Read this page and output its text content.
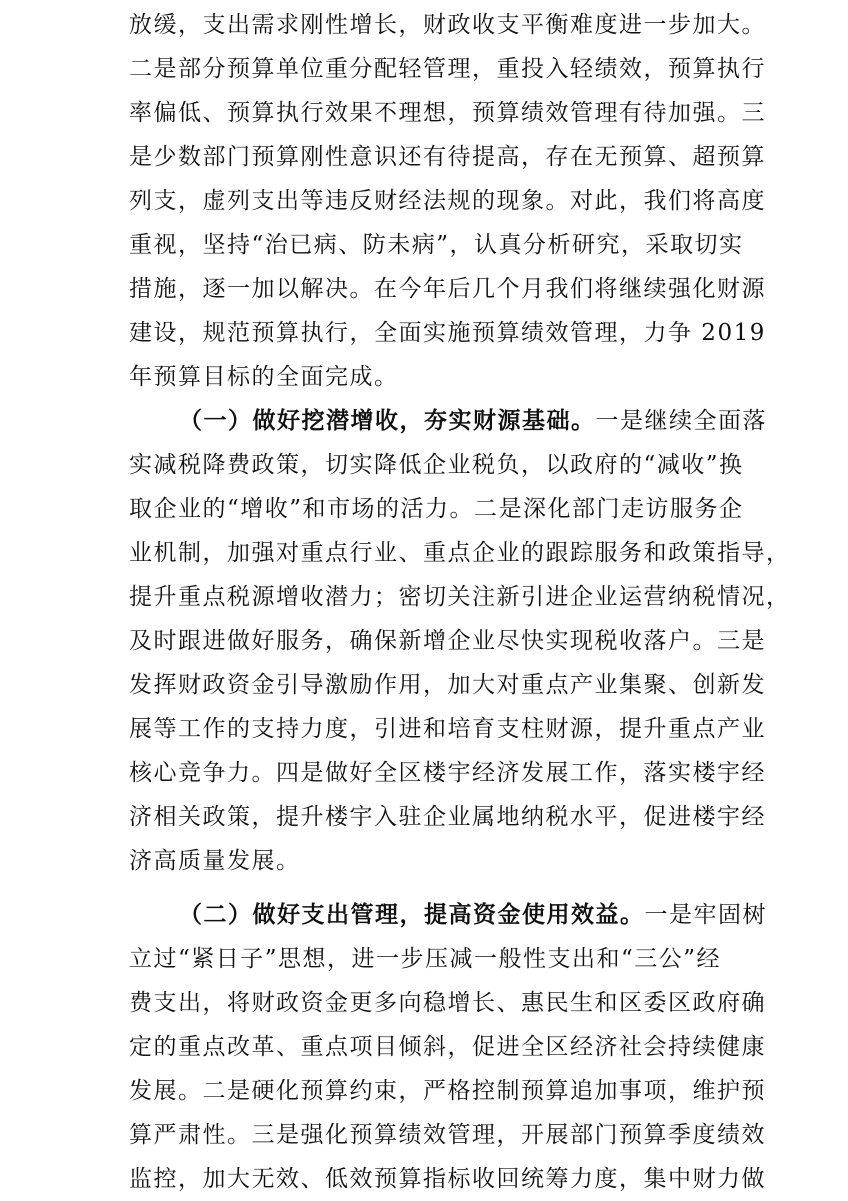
放缓，支出需求刚性增长，财政收支平衡难度进一步加大。
二是部分预算单位重分配轻管理，重投入轻绩效，预算执行
率偏低、预算执行效果不理想，预算绩效管理有待加强。三
是少数部门预算刚性意识还有待提高，存在无预算、超预算
列支，虚列支出等违反财经法规的现象。对此，我们将高度
重视，坚持“治已病、防未病”，认真分析研究，采取切实
措施，逐一加以解决。在今年后几个月我们将继续强化财源
建设，规范预算执行，全面实施预算绩效管理，力争 2019
年预算目标的全面完成。
（一）做好挖潜增收，夯实财源基础。一是继续全面落
实减税降费政策，切实降低企业税负，以政府的“减收”换
取企业的“增收”和市场的活力。二是深化部门走访服务企
业机制，加强对重点行业、重点企业的跟踪服务和政策指导，
提升重点税源增收潜力；密切关注新引进企业运营纳税情况，
及时跟进做好服务，确保新增企业尽快实现税收落户。三是
发挥财政资金引导激励作用，加大对重点产业集聚、创新发
展等工作的支持力度，引进和培育支柱财源，提升重点产业
核心竞争力。四是做好全区楼宇经济发展工作，落实楼宇经
济相关政策，提升楼宇入驻企业属地纳税水平，促进楼宇经
济高质量发展。
（二）做好支出管理，提高资金使用效益。一是牢固树
立过“紧日子”思想，进一步压减一般性支出和“三公”经
费支出，将财政资金更多向稳增长、惠民生和区委区政府确
定的重点改革、重点项目倾斜，促进全区经济社会持续健康
发展。二是硬化预算约束，严格控制预算追加事项，维护预
算严肃性。三是强化预算绩效管理，开展部门预算季度绩效
监控，加大无效、低效预算指标收回统筹力度，集中财力做
